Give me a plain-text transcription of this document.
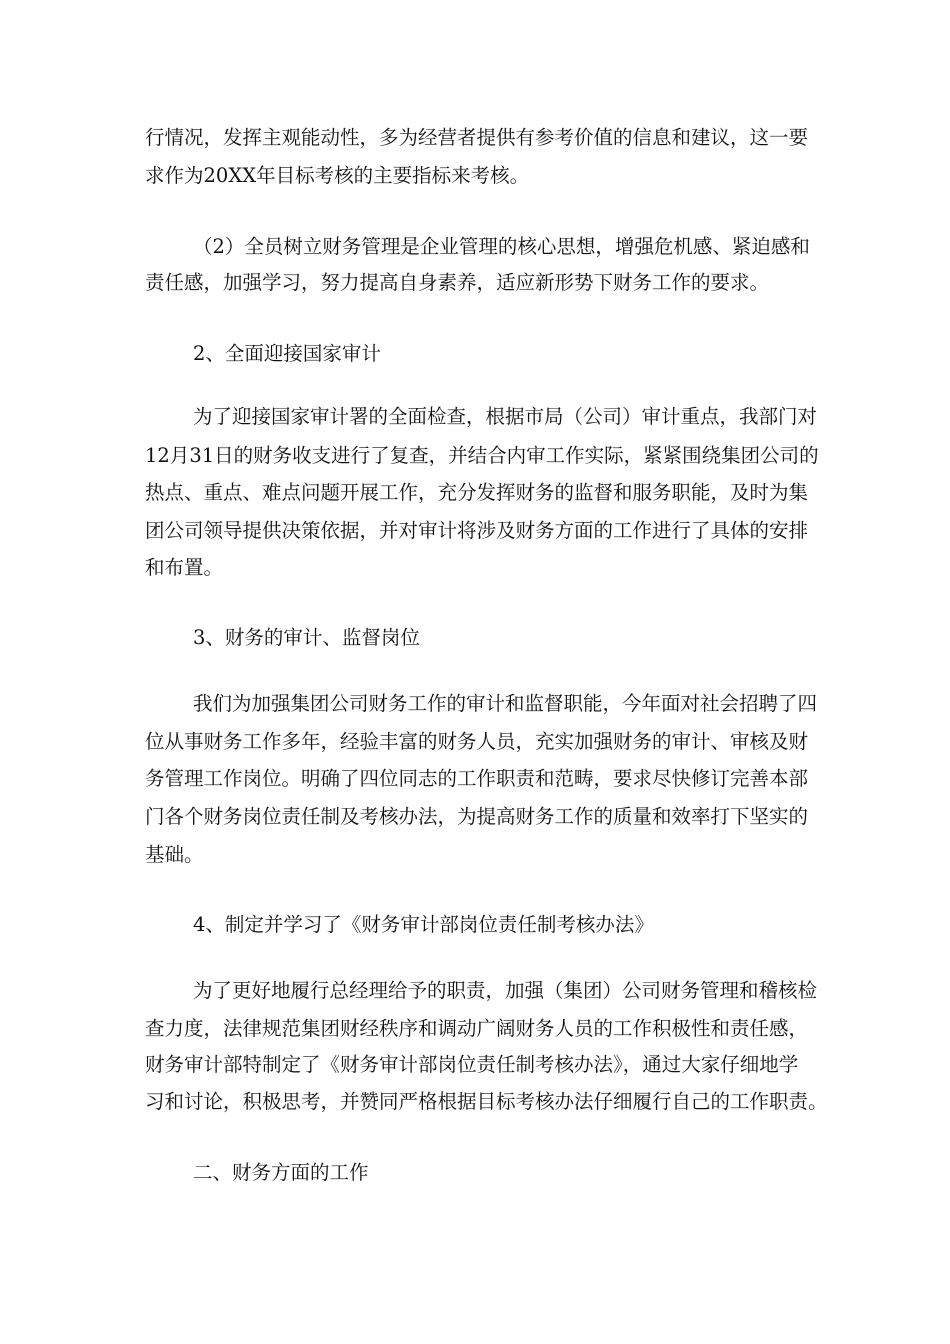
行情况，发挥主观能动性，多为经营者提供有参考价值的信息和建议，这一要
求作为20XX年目标考核的主要指标来考核。
（2）全员树立财务管理是企业管理的核心思想，增强危机感、紧迫感和
责任感，加强学习，努力提高自身素养，适应新形势下财务工作的要求。
2、全面迎接国家审计
为了迎接国家审计署的全面检查，根据市局（公司）审计重点，我部门对
12月31日的财务收支进行了复查，并结合内审工作实际，紧紧围绕集团公司的
热点、重点、难点问题开展工作，充分发挥财务的监督和服务职能，及时为集
团公司领导提供决策依据，并对审计将涉及财务方面的工作进行了具体的安排
和布置。
3、财务的审计、监督岗位
我们为加强集团公司财务工作的审计和监督职能，今年面对社会招聘了四
位从事财务工作多年，经验丰富的财务人员，充实加强财务的审计、审核及财
务管理工作岗位。明确了四位同志的工作职责和范畴，要求尽快修订完善本部
门各个财务岗位责任制及考核办法，为提高财务工作的质量和效率打下坚实的
基础。
4、制定并学习了《财务审计部岗位责任制考核办法》
为了更好地履行总经理给予的职责，加强（集团）公司财务管理和稽核检
查力度，法律规范集团财经秩序和调动广阔财务人员的工作积极性和责任感，
财务审计部特制定了《财务审计部岗位责任制考核办法》，通过大家仔细地学
习和讨论，积极思考，并赞同严格根据目标考核办法仔细履行自己的工作职责。
二、财务方面的工作
